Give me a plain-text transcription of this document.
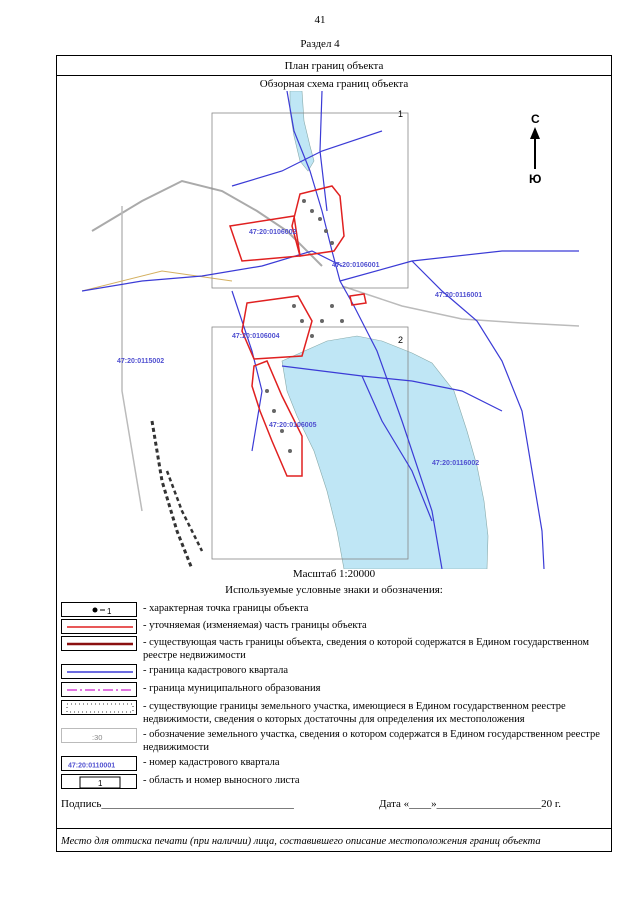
41
Раздел 4
План границ объекта
Обзорная схема границ объекта
1
2
С
Ю
47:20:0106002
47:20:0106001
47:20:0116001
47:20:0106004
47:20:0115002
47:20:0106005
47:20:0116002
Масштаб 1:20000
Используемые условные знаки и обозначения:
1	- характерная точка границы объекта
- уточняемая (изменяемая) часть границы объекта
- существующая часть границы объекта, сведения о которой содержатся в Едином государственном реестре недвижимости
- граница кадастрового квартала
- граница муниципального образования
- существующие границы земельного участка, имеющиеся в Едином государственном реестре недвижимости, сведения о которых достаточны для определения их местоположения
:30	- обозначение земельного участка, сведения о котором содержатся в Едином государственном реестре недвижимости
47:20:0110001	- номер кадастрового квартала
1	- область и номер выносного листа
Подпись___________________________________	Дата «____»___________________20 г.
Место для оттиска печати (при наличии) лица, составившего описание местоположения границ объекта
